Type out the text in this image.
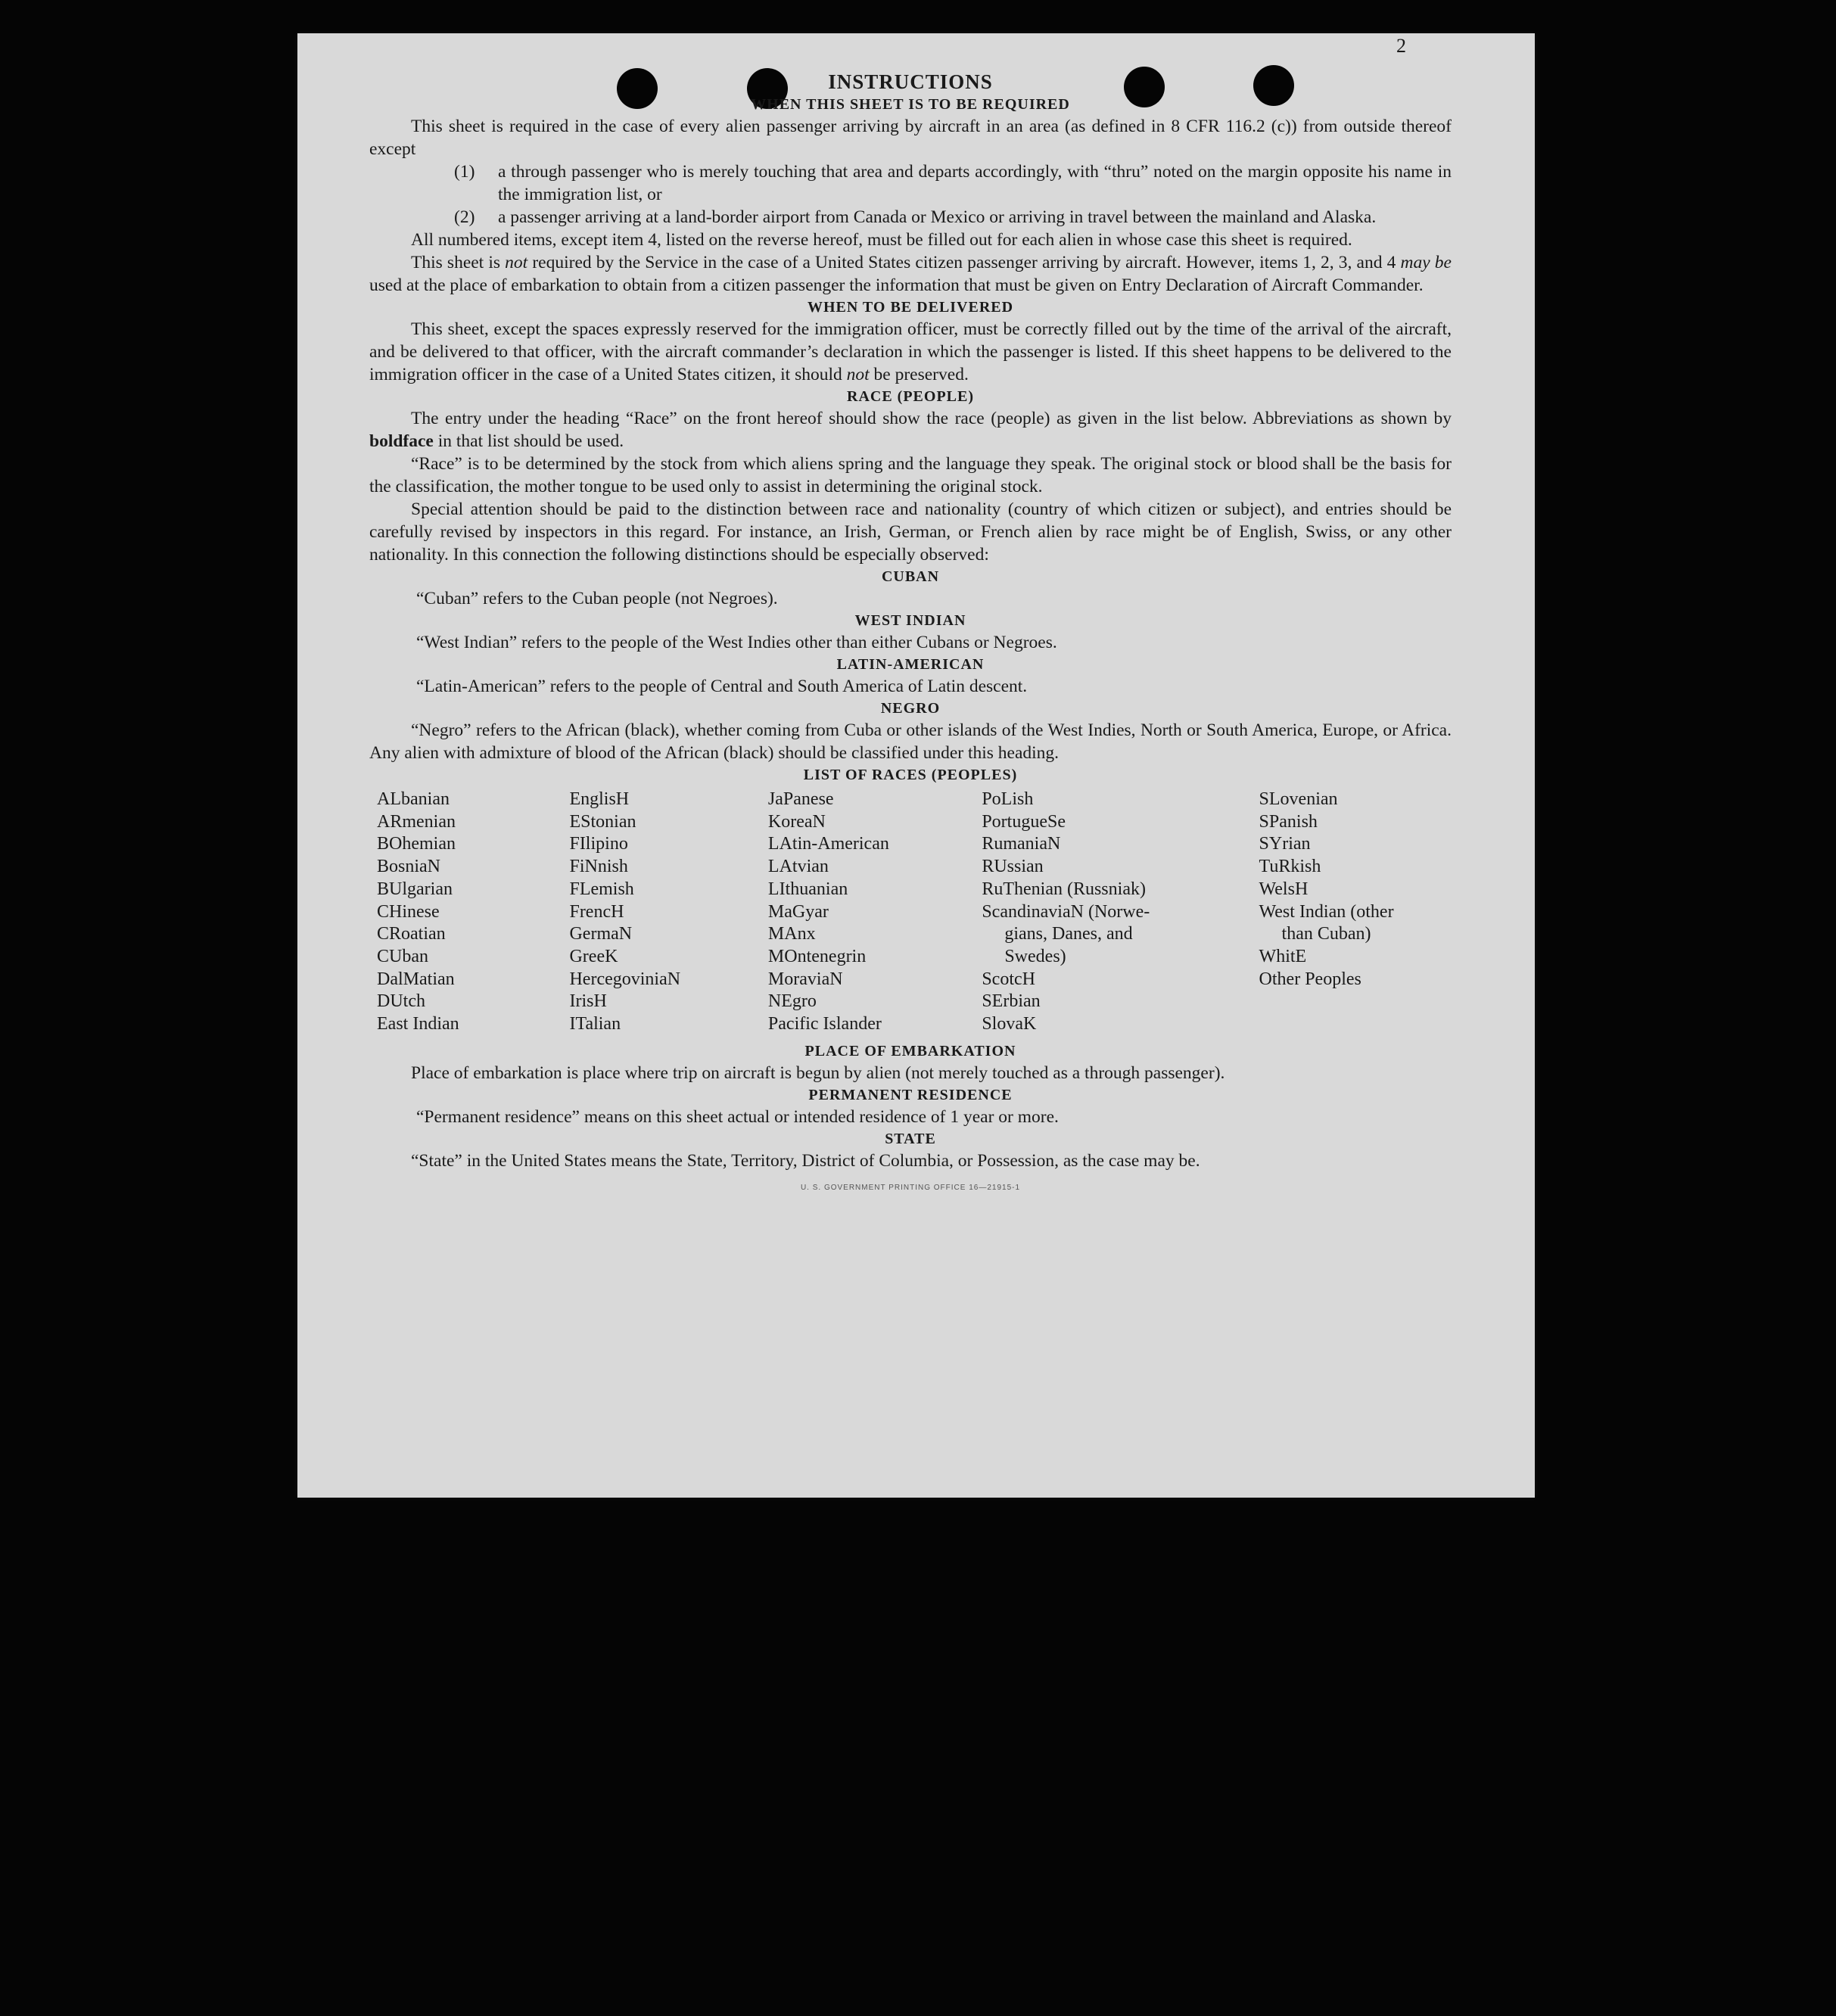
2
INSTRUCTIONS
WHEN THIS SHEET IS TO BE REQUIRED

This sheet is required in the case of every alien passenger arriving by aircraft in an area (as defined in 8 CFR 116.2 (c)) from outside thereof except

(1) a through passenger who is merely touching that area and departs accordingly, with “thru” noted on the margin opposite his name in the immigration list, or
(2) a passenger arriving at a land-border airport from Canada or Mexico or arriving in travel between the mainland and Alaska.

All numbered items, except item 4, listed on the reverse hereof, must be filled out for each alien in whose case this sheet is required.

This sheet is not required by the Service in the case of a United States citizen passenger arriving by aircraft. However, items 1, 2, 3, and 4 may be used at the place of embarkation to obtain from a citizen passenger the information that must be given on Entry Declaration of Aircraft Commander.

WHEN TO BE DELIVERED

This sheet, except the spaces expressly reserved for the immigration officer, must be correctly filled out by the time of the arrival of the aircraft, and be delivered to that officer, with the aircraft commander’s declaration in which the passenger is listed. If this sheet happens to be delivered to the immigration officer in the case of a United States citizen, it should not be preserved.

RACE (PEOPLE)

The entry under the heading “Race” on the front hereof should show the race (people) as given in the list below. Abbreviations as shown by boldface in that list should be used.

“Race” is to be determined by the stock from which aliens spring and the language they speak. The original stock or blood shall be the basis for the classification, the mother tongue to be used only to assist in determining the original stock.

Special attention should be paid to the distinction between race and nationality (country of which citizen or subject), and entries should be carefully revised by inspectors in this regard. For instance, an Irish, German, or French alien by race might be of English, Swiss, or any other nationality. In this connection the following distinctions should be especially observed:

CUBAN

“Cuban” refers to the Cuban people (not Negroes).

WEST INDIAN

“West Indian” refers to the people of the West Indies other than either Cubans or Negroes.

LATIN-AMERICAN

“Latin-American” refers to the people of Central and South America of Latin descent.

NEGRO

“Negro” refers to the African (black), whether coming from Cuba or other islands of the West Indies, North or South America, Europe, or Africa. Any alien with admixture of blood of the African (black) should be classified under this heading.

LIST OF RACES (PEOPLES)
ALbanian
ARmenian
BOhemian
BosniaN
BUlgarian
CHinese
CRoatian
CUban
DalMatian
DUtch
East Indian
EnglisH
EStonian
FIlipino
FiNnish
FLemish
FrencH
GermaN
GreeK
HercegoviniaN
IrisH
ITalian
JaPanese
KoreaN
LAtin-American
LAtvian
LIthuanian
MaGyar
MAnx
MOntenegrin
MoraviaN
NEgro
Pacific Islander
PoLish
PortugueSe
RumaniaN
RUssian
RuThenian (Russniak)
ScandinaviaN (Norwe-
gians, Danes, and
Swedes)
ScotcH
SErbian
SlovaK
SLovenian
SPanish
SYrian
TuRkish
WelsH
West Indian (other
than Cuban)
WhitE
Other Peoples
PLACE OF EMBARKATION

Place of embarkation is place where trip on aircraft is begun by alien (not merely touched as a through passenger).

PERMANENT RESIDENCE

“Permanent residence” means on this sheet actual or intended residence of 1 year or more.

STATE

“State” in the United States means the State, Territory, District of Columbia, or Possession, as the case may be.

U. S. GOVERNMENT PRINTING OFFICE 16—21915-1
